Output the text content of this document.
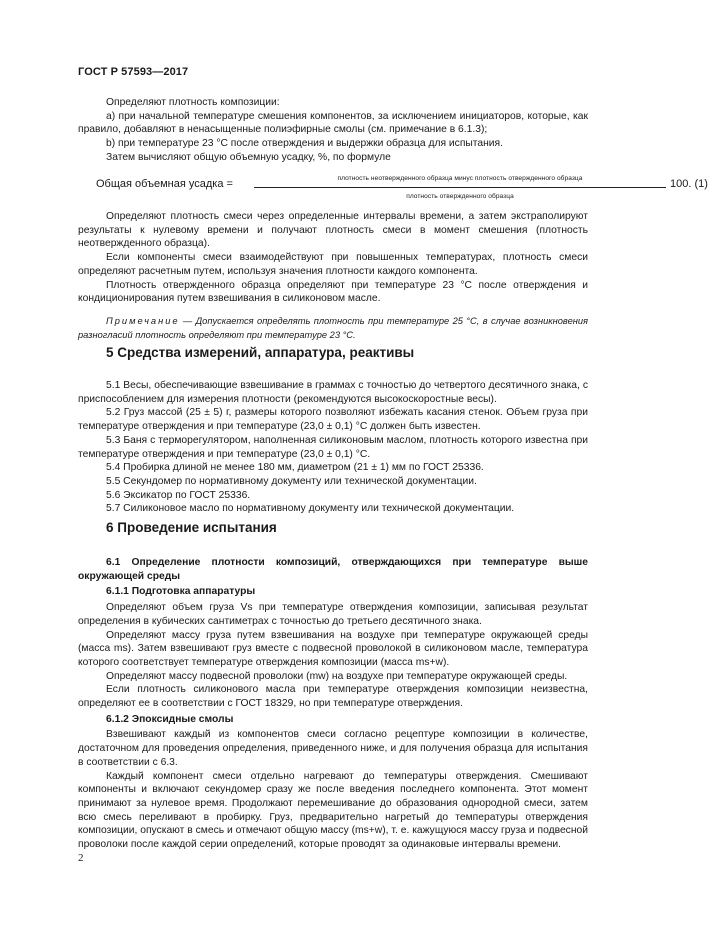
ГОСТ Р 57593—2017

Определяют плотность композиции:

а) при начальной температуре смешения компонентов, за исключением инициаторов, которые, как правило, добавляют в ненасыщенные полиэфирные смолы (см. примечание в 6.1.3);

b) при температуре 23 °С после отверждения и выдержки образца для испытания.

Затем вычисляют общую объемную усадку, %, по формуле

Общая объемная усадка =	плотность неотвержденного образца минус плотность отвержденного образца
плотность отвержденного образца
100. (1)

Определяют плотность смеси через определенные интервалы времени, а затем экстраполируют результаты к нулевому времени и получают плотность смеси в момент смешения (плотность неотвержденного образца).

Если компоненты смеси взаимодействуют при повышенных температурах, плотность смеси определяют расчетным путем, используя значения плотности каждого компонента.

Плотность отвержденного образца определяют при температуре 23 °С после отверждения и кондиционирования путем взвешивания в силиконовом масле.

Примечание — Допускается определять плотность при температуре 25 °С, в случае возникновения разногласий плотность определяют при температуре 23 °С.

5 Средства измерений, аппаратура, реактивы

5.1 Весы, обеспечивающие взвешивание в граммах с точностью до четвертого десятичного знака, с приспособлением для измерения плотности (рекомендуются высокоскоростные весы).

5.2 Груз массой (25 ± 5) г, размеры которого позволяют избежать касания стенок. Объем груза при температуре отверждения и при температуре (23,0 ± 0,1) °С должен быть известен.

5.3 Баня с терморегулятором, наполненная силиконовым маслом, плотность которого известна при температуре отверждения и при температуре (23,0 ± 0,1) °С.

5.4 Пробирка длиной не менее 180 мм, диаметром (21 ± 1) мм по ГОСТ 25336.

5.5 Секундомер по нормативному документу или технической документации.

5.6 Эксикатор по ГОСТ 25336.

5.7 Силиконовое масло по нормативному документу или технической документации.

6 Проведение испытания

6.1 Определение плотности композиций, отверждающихся при температуре выше окружающей среды

6.1.1 Подготовка аппаратуры

Определяют объем груза Vs при температуре отверждения композиции, записывая результат определения в кубических сантиметрах с точностью до третьего десятичного знака.

Определяют массу груза путем взвешивания на воздухе при температуре окружающей среды (масса ms). Затем взвешивают груз вместе с подвесной проволокой в силиконовом масле, температура которого соответствует температуре отверждения композиции (масса ms+w).

Определяют массу подвесной проволоки (mw) на воздухе при температуре окружающей среды.

Если плотность силиконового масла при температуре отверждения композиции неизвестна, определяют ее в соответствии с ГОСТ 18329, но при температуре отверждения.

6.1.2 Эпоксидные смолы

Взвешивают каждый из компонентов смеси согласно рецептуре композиции в количестве, достаточном для проведения определения, приведенного ниже, и для получения образца для испытания в соответствии с 6.3.

Каждый компонент смеси отдельно нагревают до температуры отверждения. Смешивают компоненты и включают секундомер сразу же после введения последнего компонента. Этот момент принимают за нулевое время. Продолжают перемешивание до образования однородной смеси, затем всю смесь переливают в пробирку. Груз, предварительно нагретый до температуры отверждения композиции, опускают в смесь и отмечают общую массу (ms+w), т. е. кажущуюся массу груза и подвесной проволоки после каждой серии определений, которые проводят за одинаковые интервалы времени.

2
